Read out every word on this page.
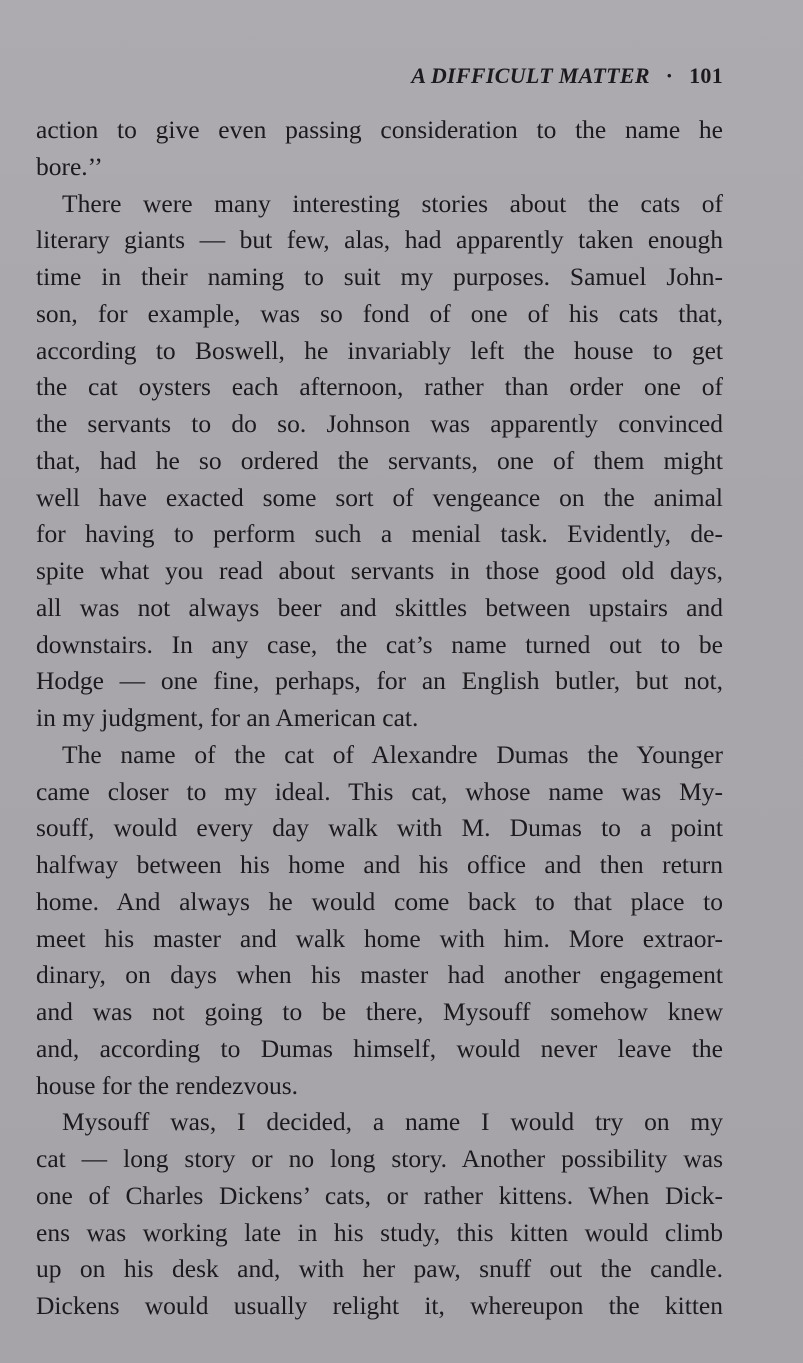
A DIFFICULT MATTER · 101
action to give even passing consideration to the name he
bore.’’
There were many interesting stories about the cats of
literary giants — but few, alas, had apparently taken enough
time in their naming to suit my purposes. Samuel John-
son, for example, was so fond of one of his cats that,
according to Boswell, he invariably left the house to get
the cat oysters each afternoon, rather than order one of
the servants to do so. Johnson was apparently convinced
that, had he so ordered the servants, one of them might
well have exacted some sort of vengeance on the animal
for having to perform such a menial task. Evidently, de-
spite what you read about servants in those good old days,
all was not always beer and skittles between upstairs and
downstairs. In any case, the cat’s name turned out to be
Hodge — one fine, perhaps, for an English butler, but not,
in my judgment, for an American cat.
The name of the cat of Alexandre Dumas the Younger
came closer to my ideal. This cat, whose name was My-
souff, would every day walk with M. Dumas to a point
halfway between his home and his office and then return
home. And always he would come back to that place to
meet his master and walk home with him. More extraor-
dinary, on days when his master had another engagement
and was not going to be there, Mysouff somehow knew
and, according to Dumas himself, would never leave the
house for the rendezvous.
Mysouff was, I decided, a name I would try on my
cat — long story or no long story. Another possibility was
one of Charles Dickens’ cats, or rather kittens. When Dick-
ens was working late in his study, this kitten would climb
up on his desk and, with her paw, snuff out the candle.
Dickens would usually relight it, whereupon the kitten
